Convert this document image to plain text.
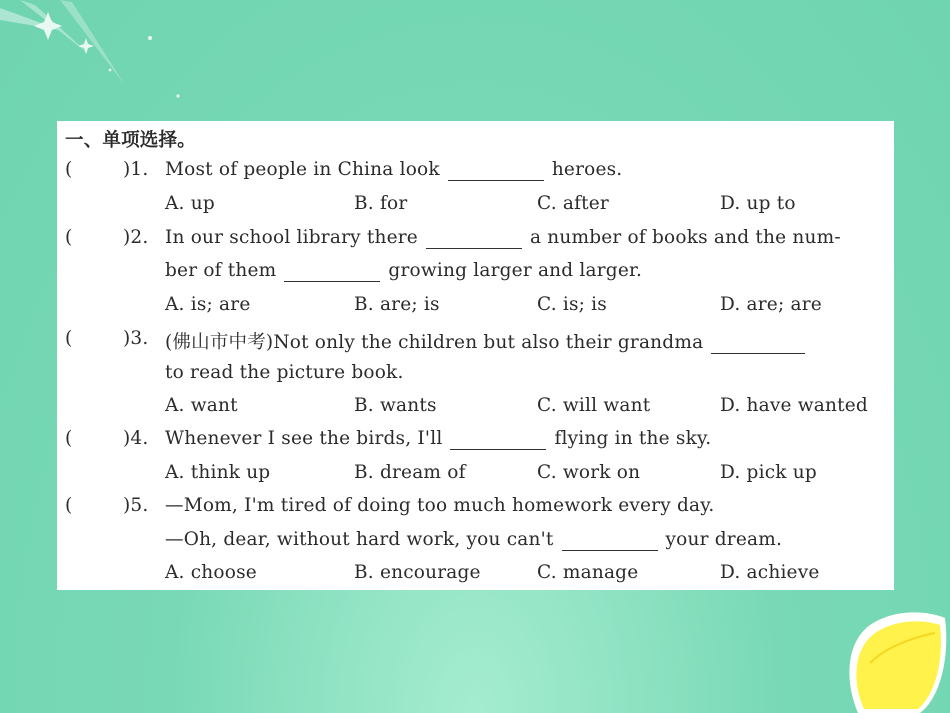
一、单项选择。
(	)1. Most of people in China look	heroes.
A. up	B. for	C. after	D. up to
(	)2. In our school library there	a number of books and the num-
ber of them	growing larger and larger.
A. is; are	B. are; is	C. is; is	D. are; are
(	)3. (佛山市中考)Not only the children but also their grandma
to read the picture book.
A. want	B. wants	C. will want	D. have wanted
(	)4. Whenever I see the birds, I'll	flying in the sky.
A. think up	B. dream of	C. work on	D. pick up
(	)5. —Mom, I'm tired of doing too much homework every day.
—Oh, dear, without hard work, you can't	your dream.
A. choose	B. encourage	C. manage	D. achieve
